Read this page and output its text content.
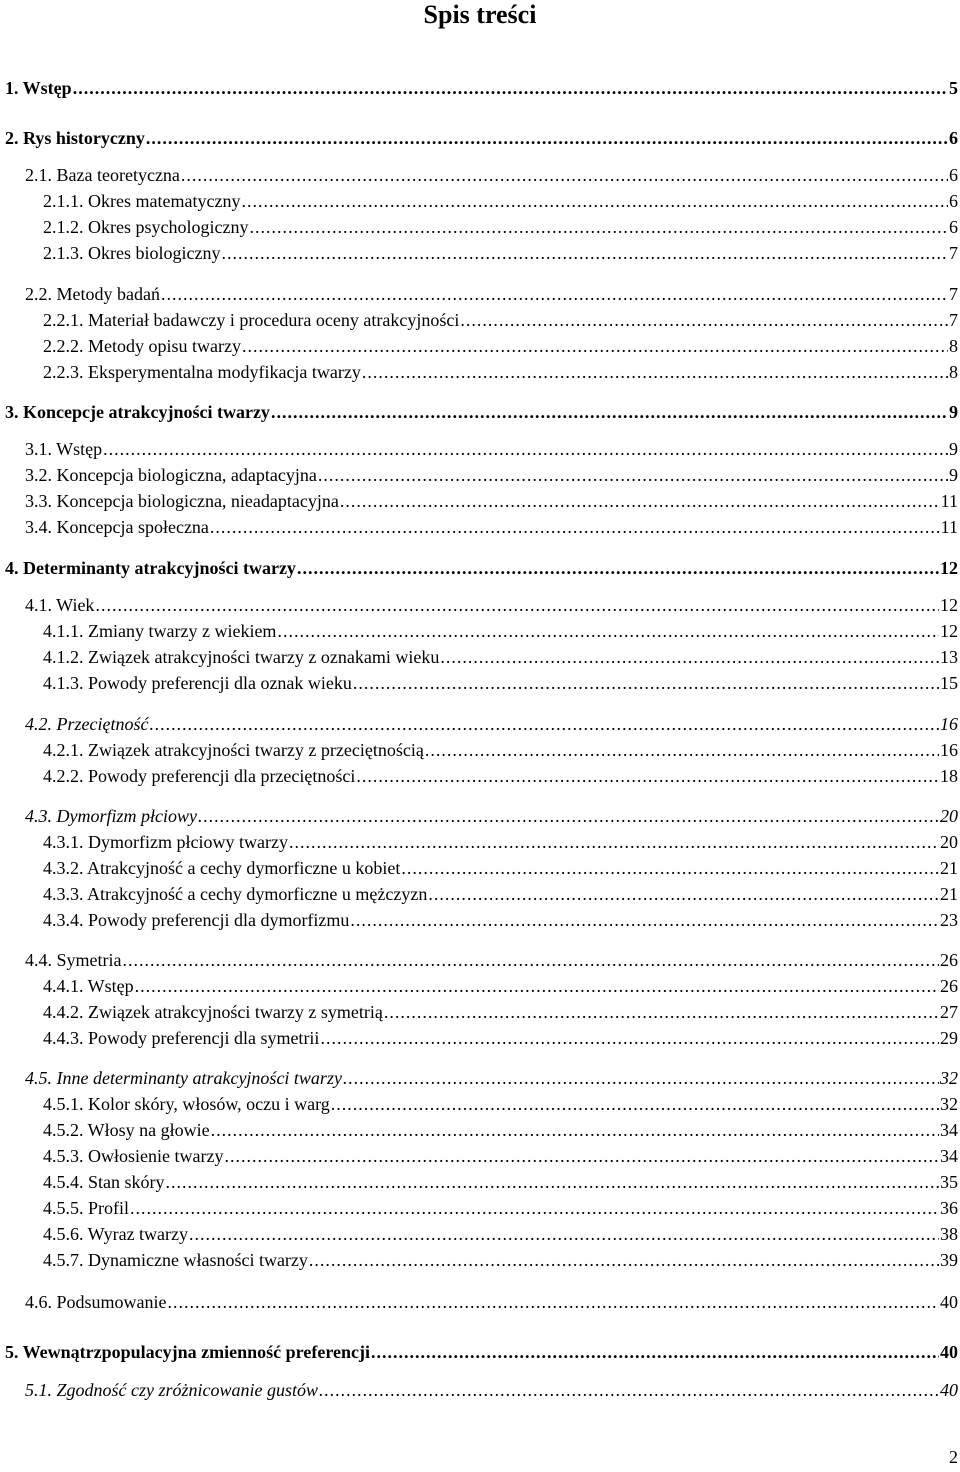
Spis treści
1. Wstęp .....	5
2. Rys historyczny .....	6
2.1. Baza teoretyczna .....	6
2.1.1. Okres matematyczny .....	6
2.1.2. Okres psychologiczny .....	6
2.1.3. Okres biologiczny .....	7
2.2. Metody badań .....	7
2.2.1. Materiał badawczy i procedura oceny atrakcyjności .....	7
2.2.2. Metody opisu twarzy .....	8
2.2.3. Eksperymentalna modyfikacja twarzy .....	8
3. Koncepcje atrakcyjności twarzy .....	9
3.1. Wstęp .....	9
3.2. Koncepcja biologiczna, adaptacyjna .....	9
3.3. Koncepcja biologiczna, nieadaptacyjna .....	11
3.4. Koncepcja społeczna .....	11
4. Determinanty atrakcyjności twarzy .....	12
4.1. Wiek .....	12
4.1.1. Zmiany twarzy z wiekiem .....	12
4.1.2. Związek atrakcyjności twarzy z oznakami wieku .....	13
4.1.3. Powody preferencji dla oznak wieku .....	15
4.2. Przeciętność .....	16
4.2.1. Związek atrakcyjności twarzy z przeciętnością .....	16
4.2.2. Powody preferencji dla przeciętności .....	18
4.3. Dymorfizm płciowy .....	20
4.3.1. Dymorfizm płciowy twarzy .....	20
4.3.2. Atrakcyjność a cechy dymorficzne u kobiet .....	21
4.3.3. Atrakcyjność a cechy dymorficzne u mężczyzn .....	21
4.3.4. Powody preferencji dla dymorfizmu .....	23
4.4. Symetria .....	26
4.4.1. Wstęp .....	26
4.4.2. Związek atrakcyjności twarzy z symetrią .....	27
4.4.3. Powody preferencji dla symetrii .....	29
4.5. Inne determinanty atrakcyjności twarzy .....	32
4.5.1. Kolor skóry, włosów, oczu i warg .....	32
4.5.2. Włosy na głowie .....	34
4.5.3. Owłosienie twarzy .....	34
4.5.4. Stan skóry .....	35
4.5.5. Profil .....	36
4.5.6. Wyraz twarzy .....	38
4.5.7. Dynamiczne własności twarzy .....	39
4.6. Podsumowanie .....	40
5. Wewnątrzpopulacyjna zmienność preferencji .....	40
5.1. Zgodność czy zróżnicowanie gustów .....	40
2
